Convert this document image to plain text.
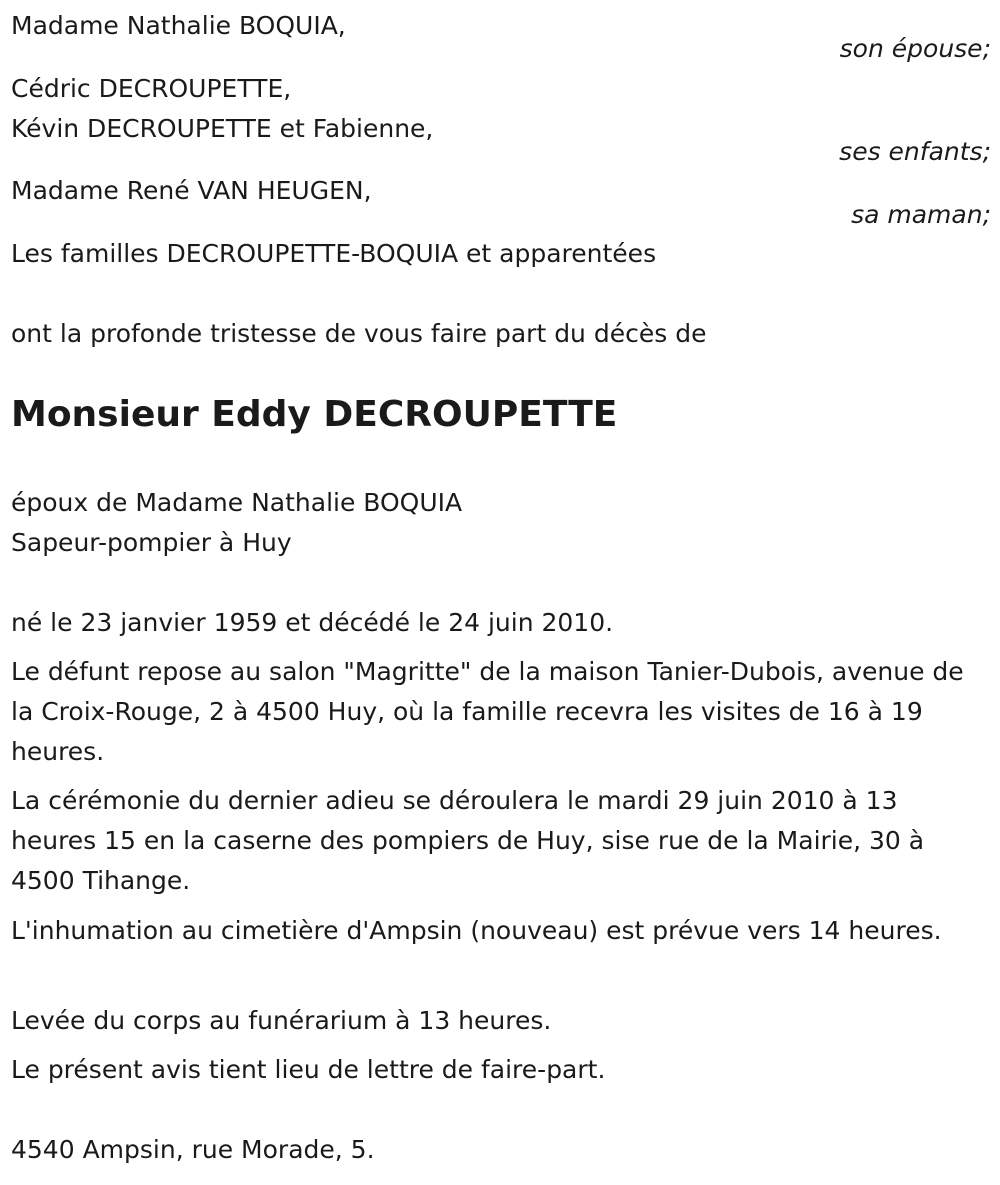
Madame Nathalie BOQUIA,
son épouse;
Cédric DECROUPETTE,
Kévin DECROUPETTE et Fabienne,
ses enfants;
Madame René VAN HEUGEN,
sa maman;
Les familles DECROUPETTE-BOQUIA et apparentées
ont la profonde tristesse de vous faire part du décès de
Monsieur Eddy DECROUPETTE
époux de Madame Nathalie BOQUIA
Sapeur-pompier à Huy
né le 23 janvier 1959 et décédé le 24 juin 2010.
Le défunt repose au salon "Magritte" de la maison Tanier-Dubois, avenue de la Croix-Rouge, 2 à 4500 Huy, où la famille recevra les visites de 16 à 19 heures.
La cérémonie du dernier adieu se déroulera le mardi 29 juin 2010 à 13 heures 15 en la caserne des pompiers de Huy, sise rue de la Mairie, 30 à 4500 Tihange.
L'inhumation au cimetière d'Ampsin (nouveau) est prévue vers 14 heures.
Levée du corps au funérarium à 13 heures.
Le présent avis tient lieu de lettre de faire-part.
4540 Ampsin, rue Morade, 5.
